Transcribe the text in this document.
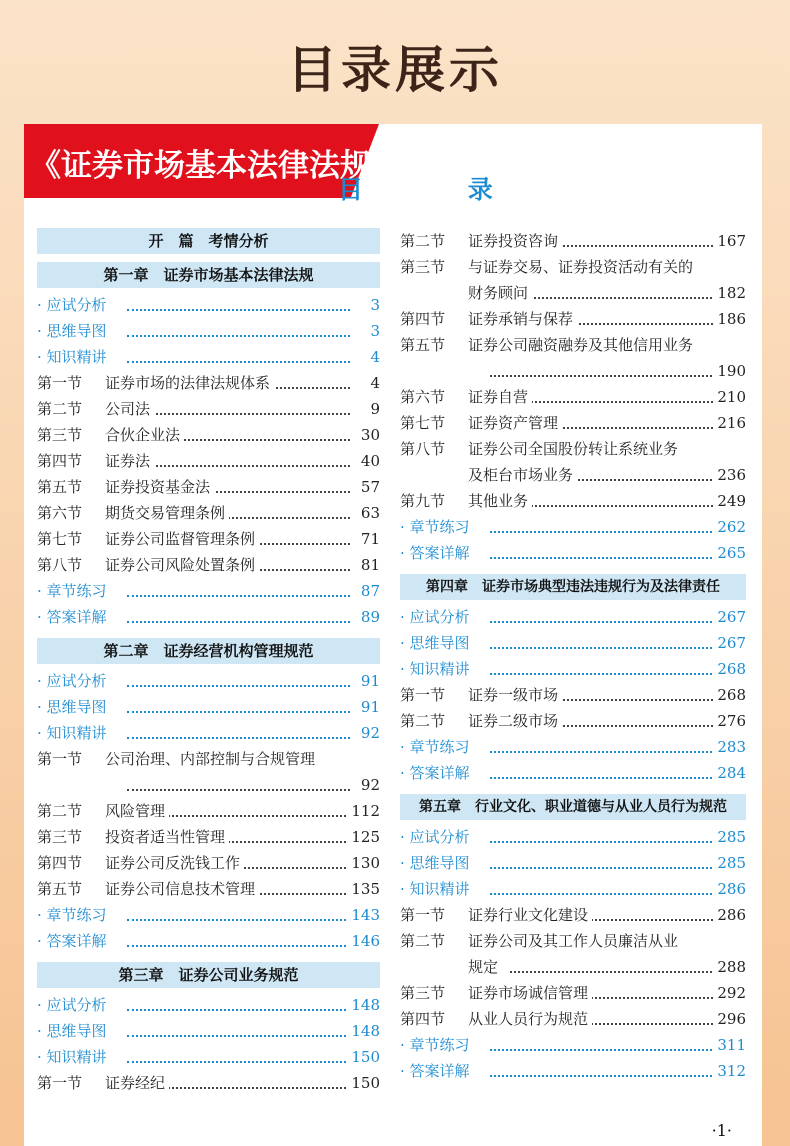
目录展示
《证券市场基本法律法规》
目 录
开　篇　考情分析
第一章　证券市场基本法律法规
· 应试分析	3
· 思维导图	3
· 知识精讲	4
第一节	证券市场的法律法规体系	4
第二节	公司法	9
第三节	合伙企业法	30
第四节	证券法	40
第五节	证券投资基金法	57
第六节	期货交易管理条例	63
第七节	证券公司监督管理条例	71
第八节	证券公司风险处置条例	81
· 章节练习	87
· 答案详解	89
第二章　证券经营机构管理规范
· 应试分析	91
· 思维导图	91
· 知识精讲	92
第一节	公司治理、内部控制与合规管理
92
第二节	风险管理	112
第三节	投资者适当性管理	125
第四节	证券公司反洗钱工作	130
第五节	证券公司信息技术管理	135
· 章节练习	143
· 答案详解	146
第三章　证券公司业务规范
· 应试分析	148
· 思维导图	148
· 知识精讲	150
第一节	证券经纪	150
第二节	证券投资咨询	167
第三节	与证券交易、证券投资活动有关的
财务顾问	182
第四节	证券承销与保荐	186
第五节	证券公司融资融券及其他信用业务
190
第六节	证券自营	210
第七节	证券资产管理	216
第八节	证券公司全国股份转让系统业务
及柜台市场业务	236
第九节	其他业务	249
· 章节练习	262
· 答案详解	265
第四章　证券市场典型违法违规行为及法律责任
· 应试分析	267
· 思维导图	267
· 知识精讲	268
第一节	证券一级市场	268
第二节	证券二级市场	276
· 章节练习	283
· 答案详解	284
第五章　行业文化、职业道德与从业人员行为规范
· 应试分析	285
· 思维导图	285
· 知识精讲	286
第一节	证券行业文化建设	286
第二节	证券公司及其工作人员廉洁从业
规定	288
第三节	证券市场诚信管理	292
第四节	从业人员行为规范	296
· 章节练习	311
· 答案详解	312
·1·
